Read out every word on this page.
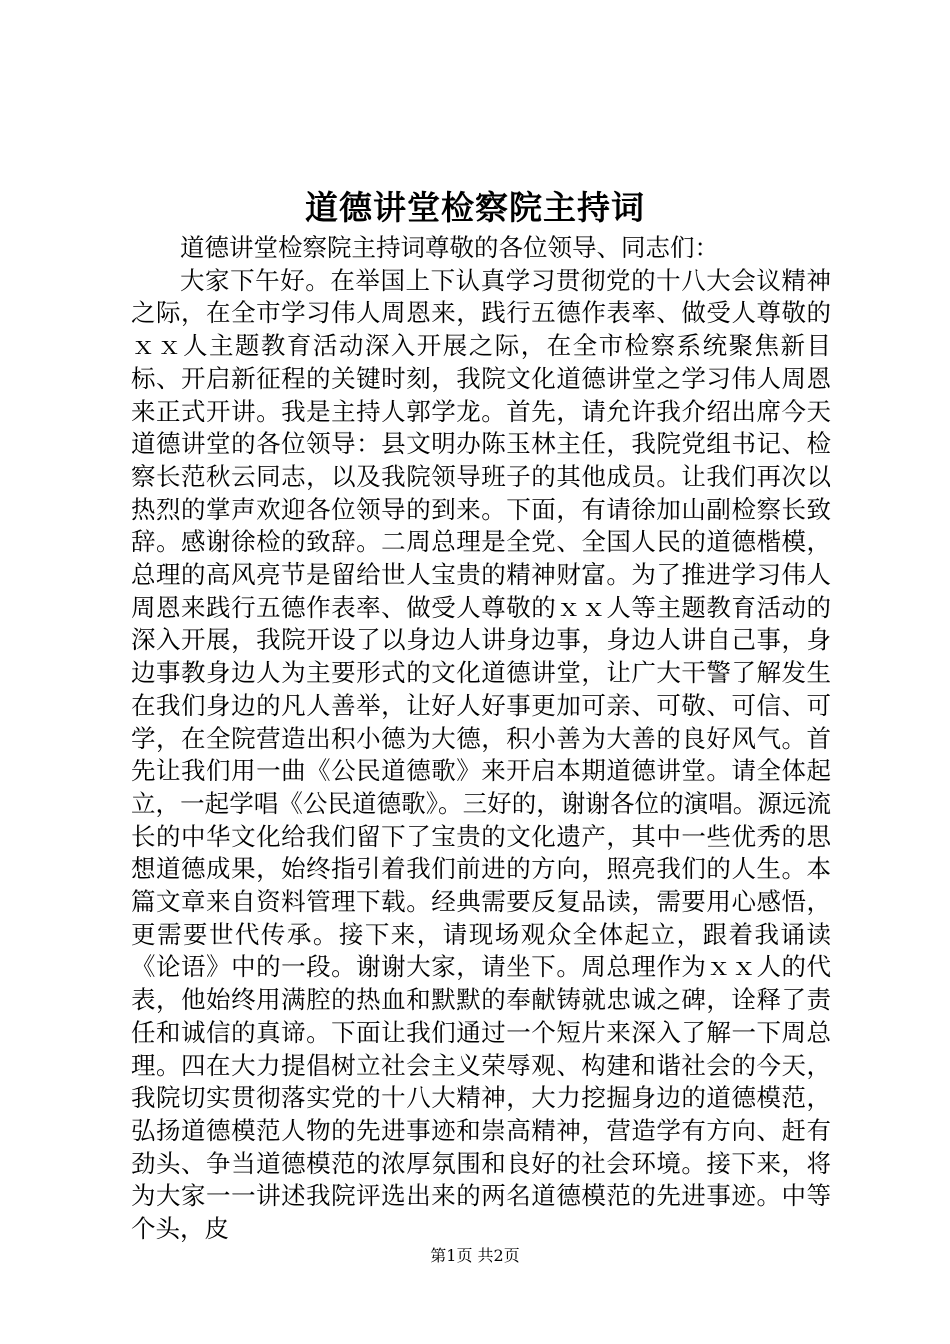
道德讲堂检察院主持词

道德讲堂检察院主持词尊敬的各位领导、同志们：

大家下午好。在举国上下认真学习贯彻党的十八大会议精神之际，在全市学习伟人周恩来，践行五德作表率、做受人尊敬的ｘｘ人主题教育活动深入开展之际，在全市检察系统聚焦新目标、开启新征程的关键时刻，我院文化道德讲堂之学习伟人周恩来正式开讲。我是主持人郭学龙。首先，请允许我介绍出席今天道德讲堂的各位领导：县文明办陈玉林主任，我院党组书记、检察长范秋云同志，以及我院领导班子的其他成员。让我们再次以热烈的掌声欢迎各位领导的到来。下面，有请徐加山副检察长致辞。感谢徐检的致辞。二周总理是全党、全国人民的道德楷模，总理的高风亮节是留给世人宝贵的精神财富。为了推进学习伟人周恩来践行五德作表率、做受人尊敬的ｘｘ人等主题教育活动的深入开展，我院开设了以身边人讲身边事，身边人讲自己事，身边事教身边人为主要形式的文化道德讲堂，让广大干警了解发生在我们身边的凡人善举，让好人好事更加可亲、可敬、可信、可学，在全院营造出积小德为大德，积小善为大善的良好风气。首先让我们用一曲《公民道德歌》来开启本期道德讲堂。请全体起立，一起学唱《公民道德歌》。三好的，谢谢各位的演唱。源远流长的中华文化给我们留下了宝贵的文化遗产，其中一些优秀的思想道德成果，始终指引着我们前进的方向，照亮我们的人生。本篇文章来自资料管理下载。经典需要反复品读，需要用心感悟，更需要世代传承。接下来，请现场观众全体起立，跟着我诵读《论语》中的一段。谢谢大家，请坐下。周总理作为ｘｘ人的代表，他始终用满腔的热血和默默的奉献铸就忠诚之碑，诠释了责任和诚信的真谛。下面让我们通过一个短片来深入了解一下周总理。四在大力提倡树立社会主义荣辱观、构建和谐社会的今天，我院切实贯彻落实党的十八大精神，大力挖掘身边的道德模范，弘扬道德模范人物的先进事迹和崇高精神，营造学有方向、赶有劲头、争当道德模范的浓厚氛围和良好的社会环境。接下来，将为大家一一讲述我院评选出来的两名道德模范的先进事迹。中等个头，皮

第1页 共2页
